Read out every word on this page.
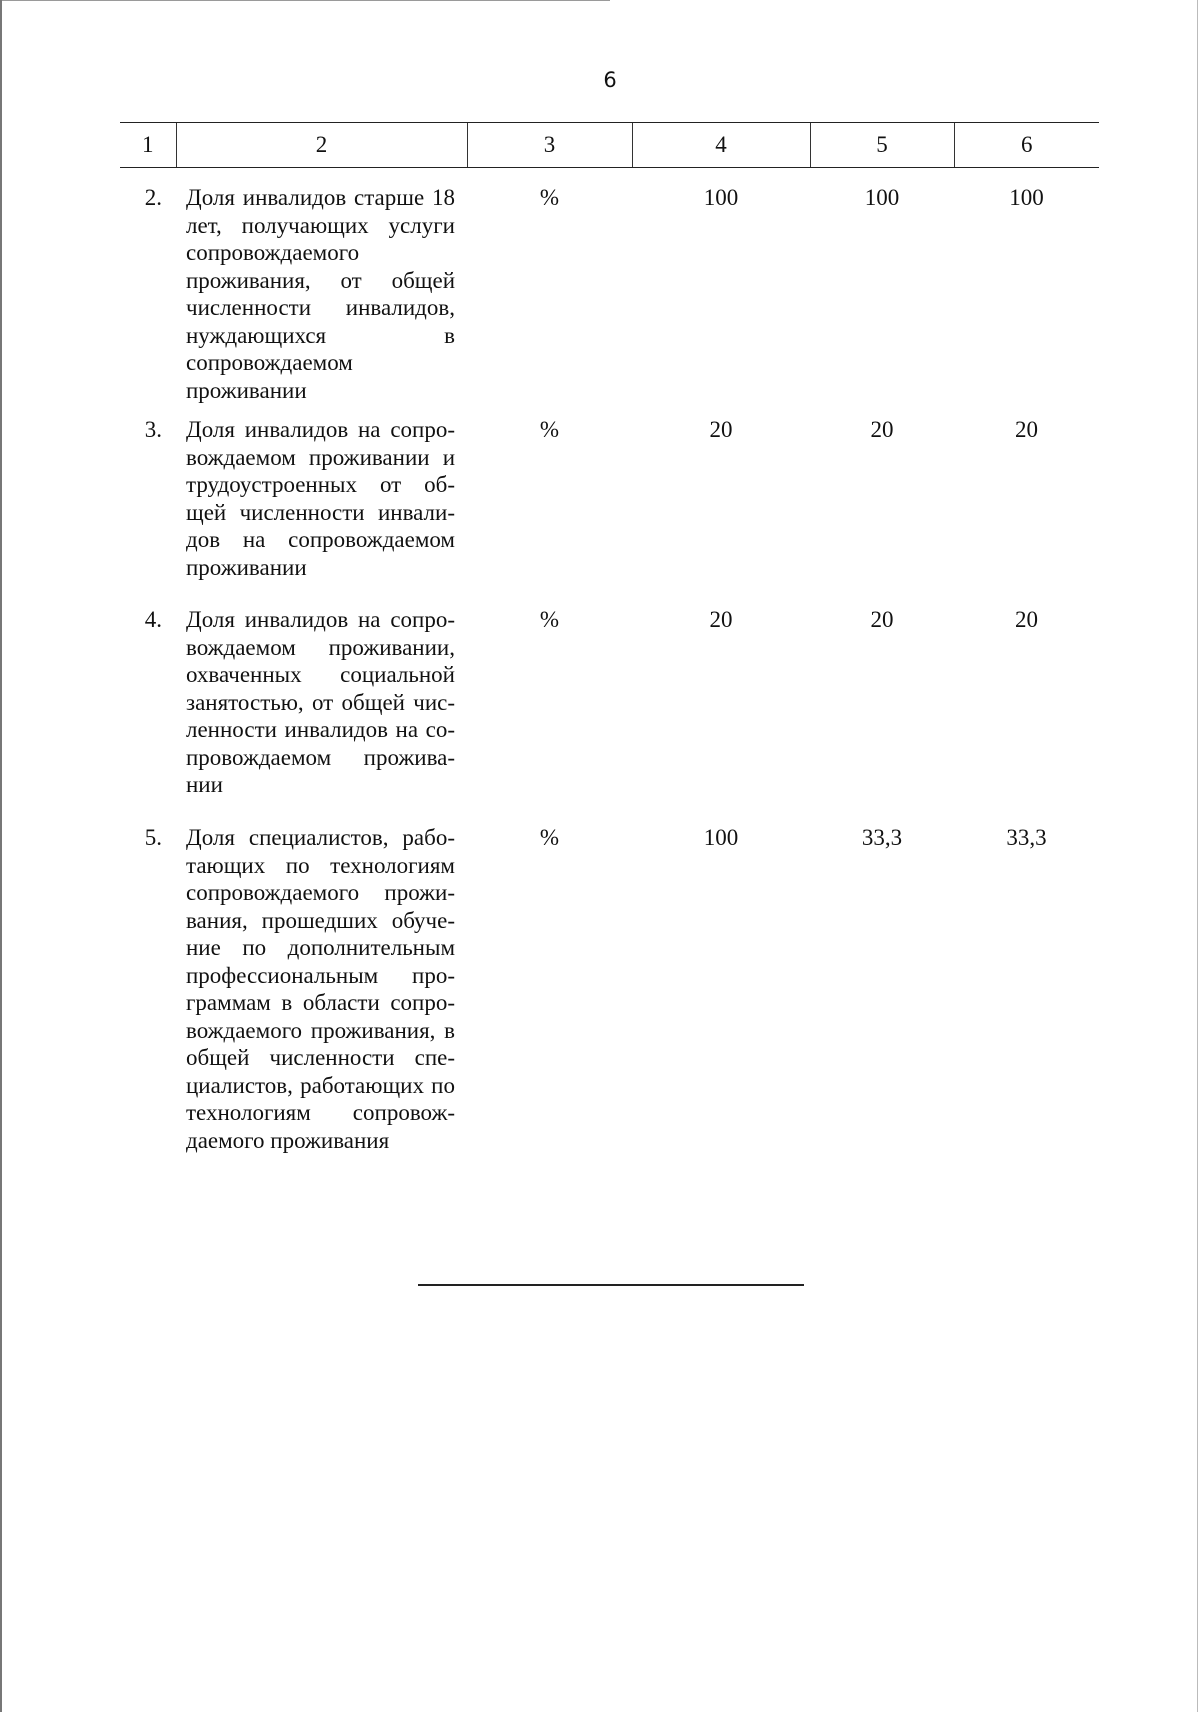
6
1	2	3	4	5	6
2.	Доля инвалидов старше 18 лет, получающих услуги сопровождаемого проживания, от общей численности инвалидов, нуждающихся в сопровождаемом проживании	%	100	100	100
3.	Доля инвалидов на сопро-вождаемом проживании и трудоустроенных от об-щей численности инвали-дов на сопровождаемом проживании	%	20	20	20
4.	Доля инвалидов на сопро-вождаемом проживании, охваченных социальной занятостью, от общей чис-ленности инвалидов на со-провождаемом прожива-нии	%	20	20	20
5.	Доля специалистов, рабо-тающих по технологиям сопровождаемого прожи-вания, прошедших обуче-ние по дополнительным профессиональным про-граммам в области сопро-вождаемого проживания, в общей численности спе-циалистов, работающих по технологиям сопровож-даемого проживания	%	100	33,3	33,3
